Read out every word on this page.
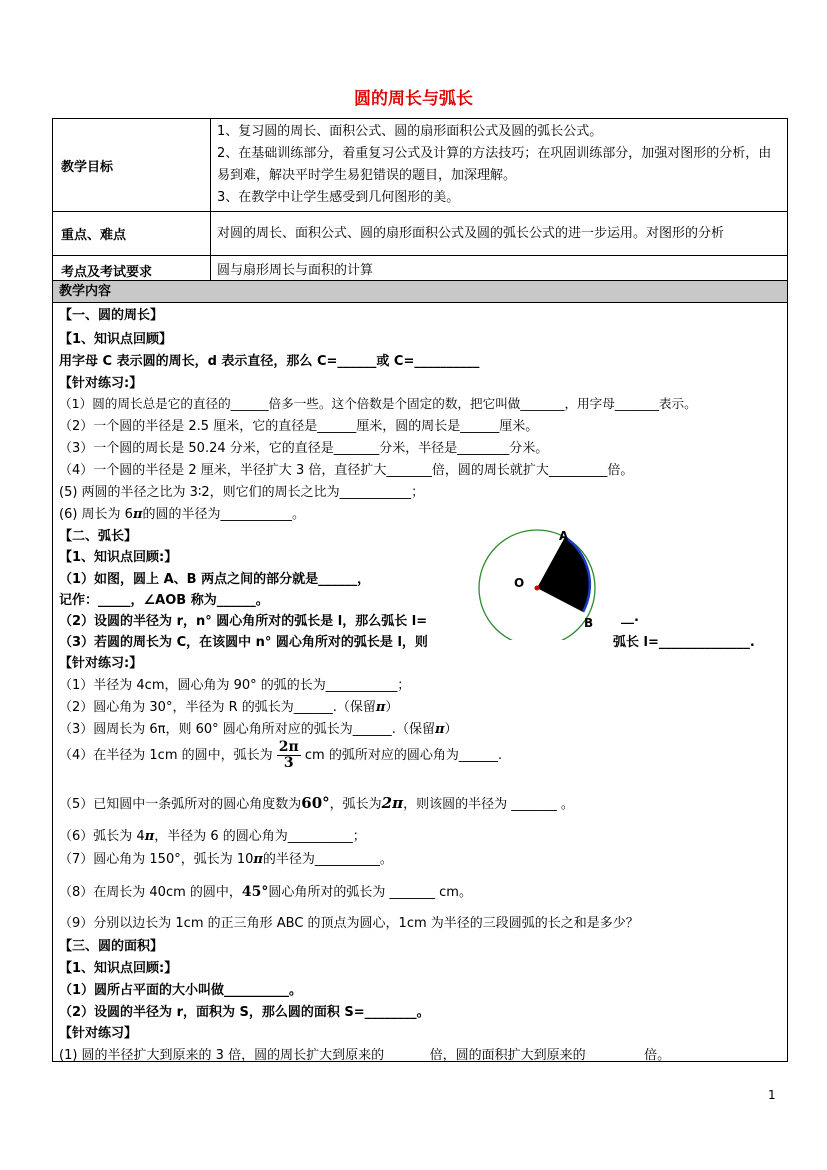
圆的周长与弧长
教学目标	1、复习圆的周长、面积公式、圆的扇形面积公式及圆的弧长公式。
2、在基础训练部分，着重复习公式及计算的方法技巧；在巩固训练部分，加强对图形的分析，由易到难，解决平时学生易犯错误的题目，加深理解。
3、在教学中让学生感受到几何图形的美。

重点、难点	对圆的周长、面积公式、圆的扇形面积公式及圆的弧长公式的进一步运用。对图形的分析
考点及考试要求	圆与扇形周长与面积的计算
教学内容
【一、圆的周长】
【1、知识点回顾】
用字母 C 表示圆的周长，d 表示直径，那么 C=______或 C=__________
【针对练习:】
（1）圆的周长总是它的直径的______倍多一些。这个倍数是个固定的数，把它叫做_______，用字母_______表示。
（2）一个圆的半径是 2.5 厘米，它的直径是______厘米，圆的周长是______厘米。
（3）一个圆的周长是 50.24 分米，它的直径是_______分米，半径是________分米。
（4）一个圆的半径是 2 厘米，半径扩大 3 倍，直径扩大_______倍，圆的周长就扩大_________倍。
(5) 两圆的半径之比为 3∶2，则它们的周长之比为___________；
(6) 周长为 6π的圆的半径为___________。
【二、弧长】
【1、知识点回顾:】
（1）如图，圆上 A、B 两点之间的部分就是______，
记作：_____，∠AOB 称为______。
（2）设圆的半径为 r，n° 圆心角所对的弧长是 l，那么弧长 l=	__.
（3）若圆的周长为 C，在该圆中 n° 圆心角所对的弧长是 l，则	弧长 l=______________.
【针对练习:】
（1）半径为 4cm，圆心角为 90° 的弧的长为___________；
（2）圆心角为 30°，半径为 R 的弧长为______.（保留π）
（3）圆周长为 6π，则 60° 圆心角所对应的弧长为______.（保留π）
（4）在半径为 1cm 的圆中，弧长为 $\frac{2\pi}{3}$ cm 的弧所对应的圆心角为______.
（5）已知圆中一条弧所对的圆心角度数为60°，弧长为2π，则该圆的半径为 _______ 。
（6）弧长为 4π，半径为 6 的圆心角为__________；
（7）圆心角为 150°，弧长为 10π的半径为__________。
（8）在周长为 40cm 的圆中，45°圆心角所对的弧长为 _______ cm。
（9）分别以边长为 1cm 的正三角形 ABC 的顶点为圆心，1cm 为半径的三段圆弧的长之和是多少？
【三、圆的面积】
【1、知识点回顾:】
（1）圆所占平面的大小叫做__________。
（2）设圆的半径为 r，面积为 S，那么圆的面积 S=________。
【针对练习】
(1) 圆的半径扩大到原来的 3 倍，圆的周长扩大到原来的_______倍，圆的面积扩大到原来的_________倍。
O
A
B
1
